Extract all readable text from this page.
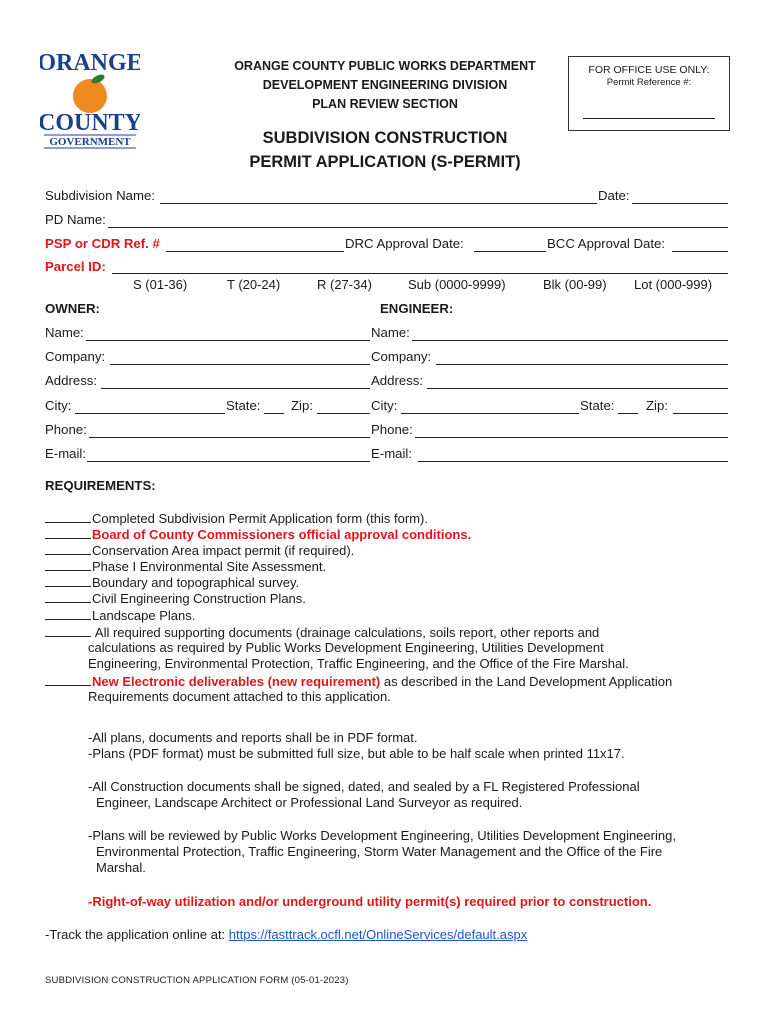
ORANGE
COUNTY
GOVERNMENT
ORANGE COUNTY PUBLIC WORKS DEPARTMENT
DEVELOPMENT ENGINEERING DIVISION
PLAN REVIEW SECTION
SUBDIVISION CONSTRUCTION
PERMIT APPLICATION (S-PERMIT)
FOR OFFICE USE ONLY:
Permit Reference #:
Subdivision Name:	Date:
PD Name:
PSP or CDR Ref. #	DRC Approval Date:	BCC Approval Date:
Parcel ID:
S (01-36)	T (20-24)	R (27-34)	Sub (0000-9999)	Blk (00-99) Lot (000-999)
OWNER:	ENGINEER:
Name:	Name:
Company:	Company:
Address:	Address:
City:	State: Zip:	City:	State: Zip:
Phone:	Phone:
E-mail:	E-mail:
REQUIREMENTS:
Completed Subdivision Permit Application form (this form).
Board of County Commissioners official approval conditions.
Conservation Area impact permit (if required).
Phase I Environmental Site Assessment.
Boundary and topographical survey.
Civil Engineering Construction Plans.
Landscape Plans.
All required supporting documents (drainage calculations, soils report, other reports and
calculations as required by Public Works Development Engineering, Utilities Development
Engineering, Environmental Protection, Traffic Engineering, and the Office of the Fire Marshal.
New Electronic deliverables (new requirement) as described in the Land Development Application
Requirements document attached to this application.
-All plans, documents and reports shall be in PDF format.
-Plans (PDF format) must be submitted full size, but able to be half scale when printed 11x17.
-All Construction documents shall be signed, dated, and sealed by a FL Registered Professional
Engineer, Landscape Architect or Professional Land Surveyor as required.
-Plans will be reviewed by Public Works Development Engineering, Utilities Development Engineering,
Environmental Protection, Traffic Engineering, Storm Water Management and the Office of the Fire
Marshal.
-Right-of-way utilization and/or underground utility permit(s) required prior to construction.
-Track the application online at: https://fasttrack.ocfl.net/OnlineServices/default.aspx
SUBDIVISION CONSTRUCTION APPLICATION FORM (05-01-2023)
